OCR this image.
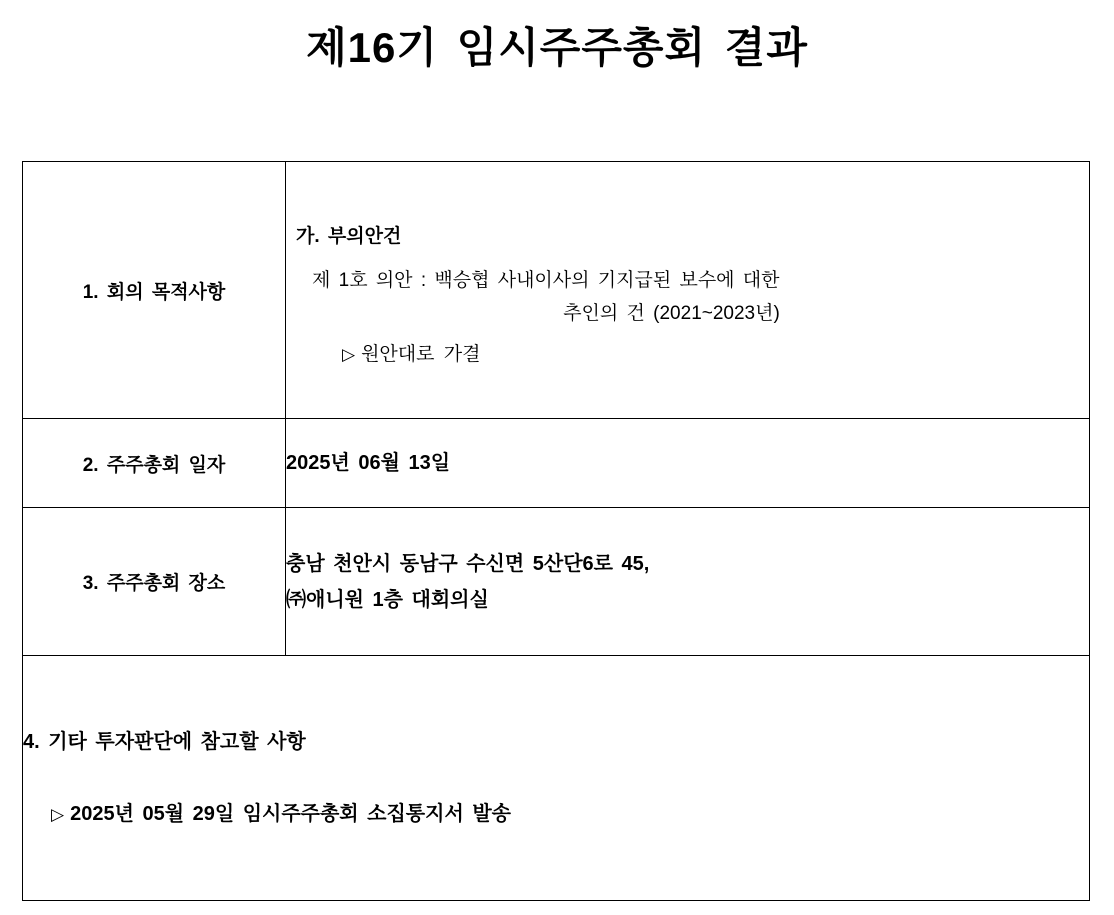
제16기 임시주주총회 결과
1. 회의 목적사항	가. 부의안건
제 1호 의안 : 백승협 사내이사의 기지급된 보수에 대한
추인의 건 (2021~2023년)
▷ 원안대로 가결

2. 주주총회 일자	2025년 06월 13일
3. 주주총회 장소	충남 천안시 동남구 수신면 5산단6로 45,
㈜애니원 1층 대회의실

4. 기타 투자판단에 참고할 사항
▷ 2025년 05월 29일 임시주주총회 소집통지서 발송	
